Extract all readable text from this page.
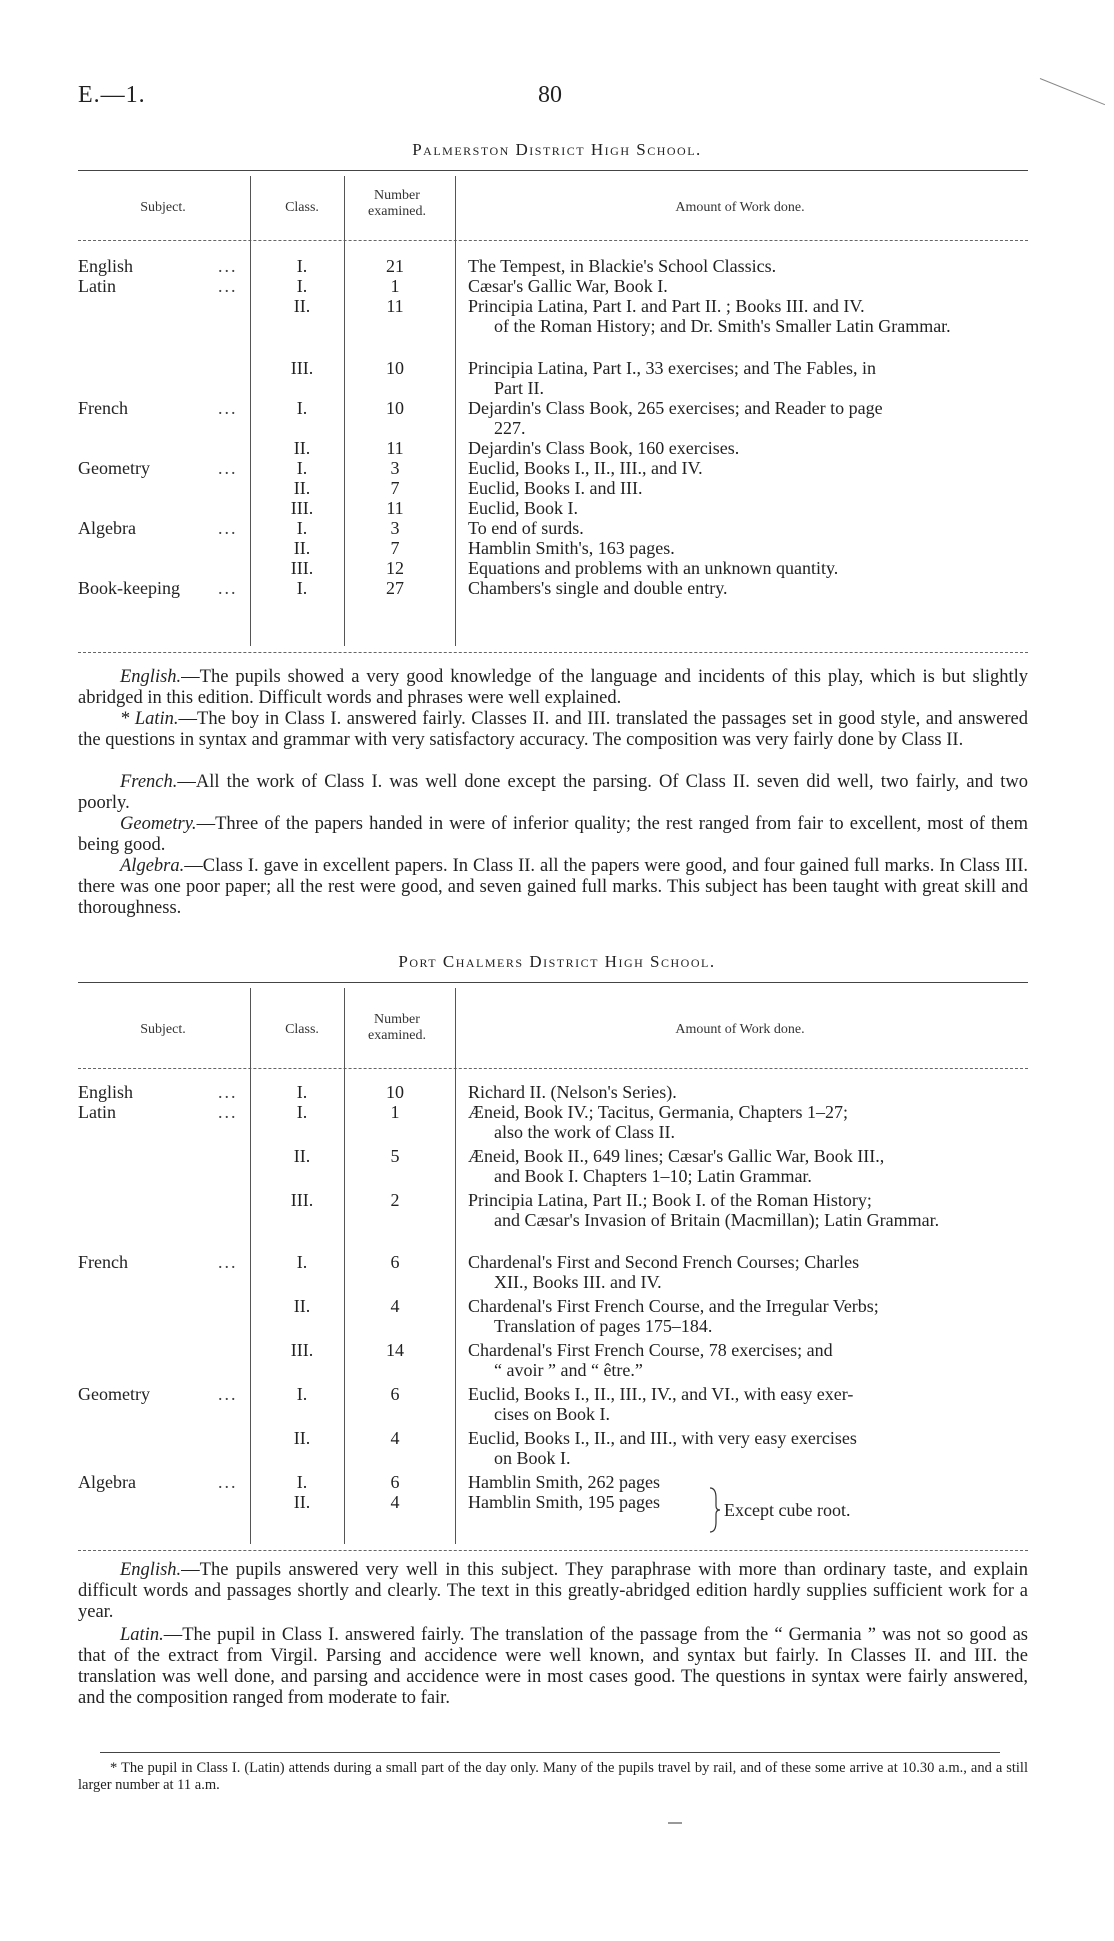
E.—1.	80
Palmerston District High School.
Subject.	Class.
Number examined.	Amount of Work done.
English	...	I.	21	The Tempest, in Blackie's School Classics.
Latin	...	I.	1	Cæsar's Gallic War, Book I.
II.	11	Principia Latina, Part I. and Part II. ; Books III. and IV.
of the Roman History; and Dr. Smith's Smaller Latin Grammar.
III.	10	Principia Latina, Part I., 33 exercises; and The Fables, in
Part II.
French	...	I.	10	Dejardin's Class Book, 265 exercises; and Reader to page
227.
II.	11	Dejardin's Class Book, 160 exercises.
Geometry	...	I.	3	Euclid, Books I., II., III., and IV.
II.	7	Euclid, Books I. and III.
III.	11	Euclid, Book I.
Algebra	...	I.	3	To end of surds.
II.	7	Hamblin Smith's, 163 pages.
III.	12	Equations and problems with an unknown quantity.
Book-keeping ...	I.	27	Chambers's single and double entry.
English.—The pupils showed a very good knowledge of the language and incidents of this play, which is but slightly abridged in this edition. Difficult words and phrases were well explained.
* Latin.—The boy in Class I. answered fairly. Classes II. and III. translated the passages set in good style, and answered the questions in syntax and grammar with very satisfactory accuracy. The composition was very fairly done by Class II.
French.—All the work of Class I. was well done except the parsing. Of Class II. seven did well, two fairly, and two poorly.
Geometry.—Three of the papers handed in were of inferior quality; the rest ranged from fair to excellent, most of them being good.
Algebra.—Class I. gave in excellent papers. In Class II. all the papers were good, and four gained full marks. In Class III. there was one poor paper; all the rest were good, and seven gained full marks. This subject has been taught with great skill and thoroughness.
Port Chalmers District High School.
Subject.	Class.
Number examined.	Amount of Work done.
English	...	I.	10	Richard II. (Nelson's Series).
Latin	...	I.	1	Æneid, Book IV.; Tacitus, Germania, Chapters 1–27;
also the work of Class II.
II.	5	Æneid, Book II., 649 lines; Cæsar's Gallic War, Book III.,
and Book I. Chapters 1–10; Latin Grammar.
III.	2	Principia Latina, Part II.; Book I. of the Roman History;
and Cæsar's Invasion of Britain (Macmillan); Latin Grammar.
French	...	I.	6	Chardenal's First and Second French Courses; Charles
XII., Books III. and IV.
II.	4	Chardenal's First French Course, and the Irregular Verbs;
Translation of pages 175–184.
III.	14	Chardenal's First French Course, 78 exercises; and
“ avoir ” and “ être.”
Geometry	...	I.	6	Euclid, Books I., II., III., IV., and VI., with easy exer-
cises on Book I.
II.	4	Euclid, Books I., II., and III., with very easy exercises
on Book I.
Algebra	...	I.	6	Hamblin Smith, 262 pages
II.	4	Hamblin Smith, 195 pages	Except cube root.
English.—The pupils answered very well in this subject. They paraphrase with more than ordinary taste, and explain difficult words and passages shortly and clearly. The text in this greatly-abridged edition hardly supplies sufficient work for a year.
Latin.—The pupil in Class I. answered fairly. The translation of the passage from the “ Germania ” was not so good as that of the extract from Virgil. Parsing and accidence were well known, and syntax but fairly. In Classes II. and III. the translation was well done, and parsing and accidence were in most cases good. The questions in syntax were fairly answered, and the composition ranged from moderate to fair.
* The pupil in Class I. (Latin) attends during a small part of the day only. Many of the pupils travel by rail, and of these some arrive at 10.30 a.m., and a still larger number at 11 a.m.
